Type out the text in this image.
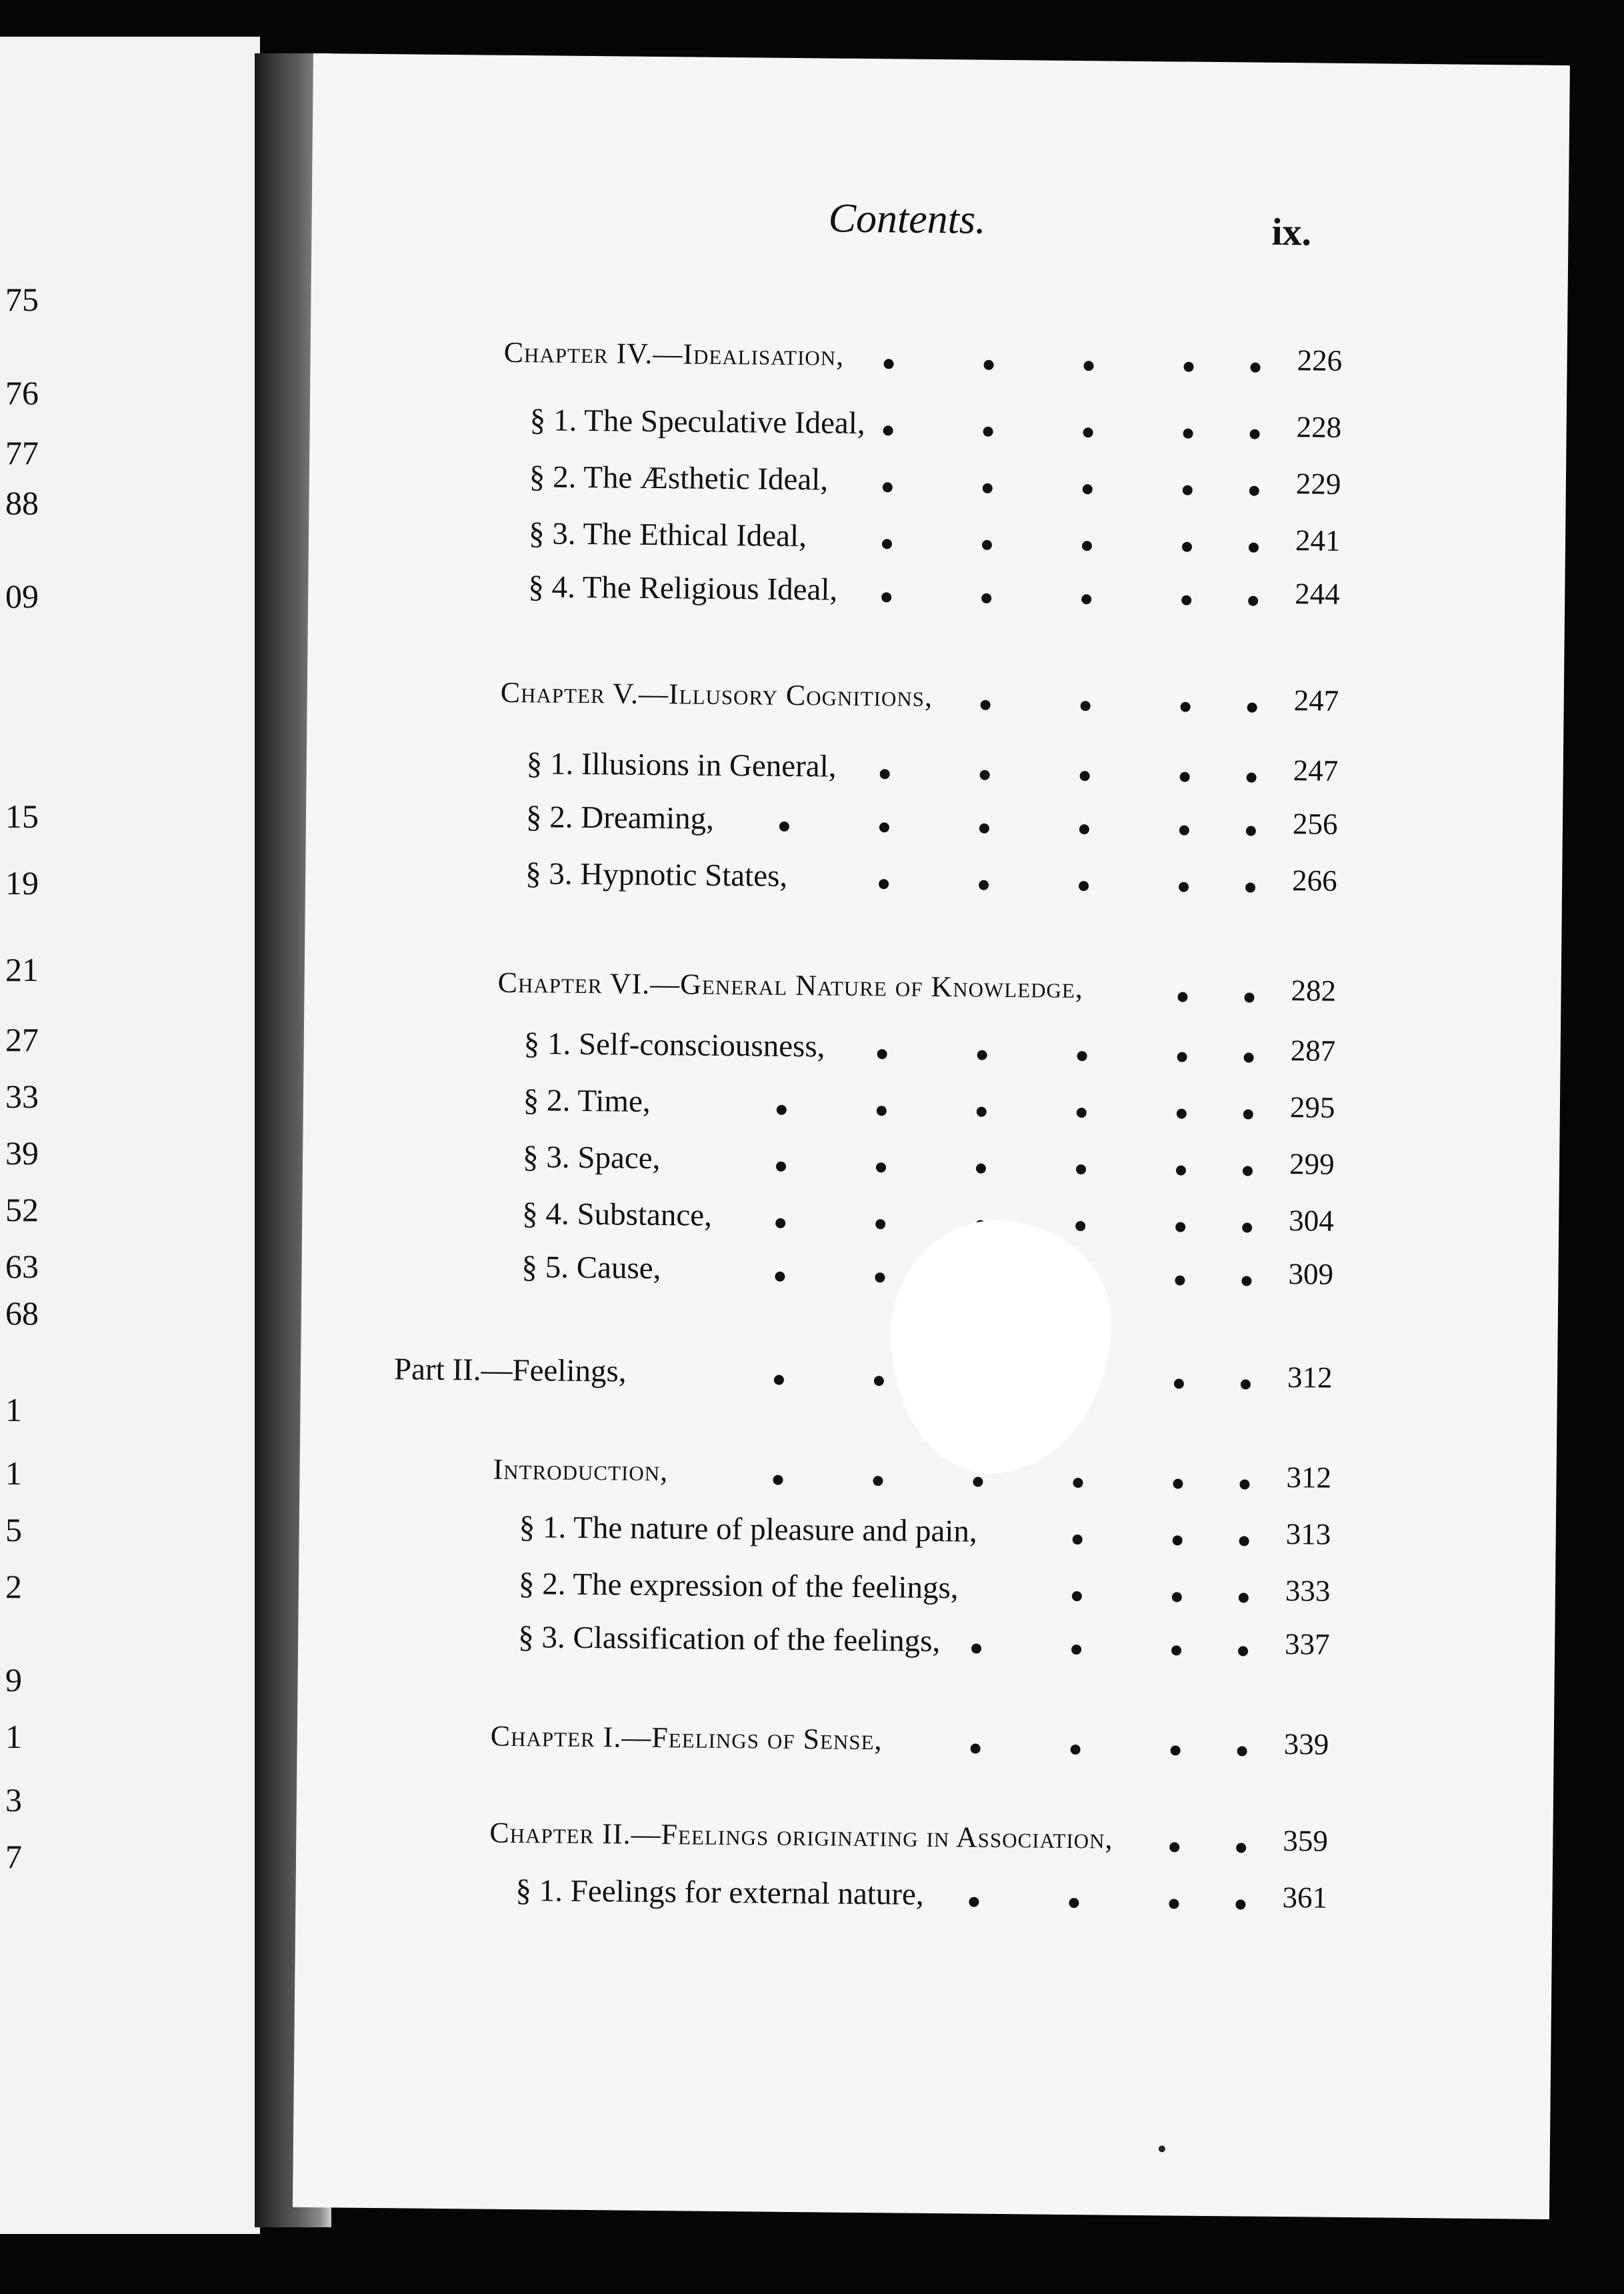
75
76
77
88
09
15
19
21
27
33
39
52
63
68
1
1
5
2
9
1
3
7
Contents.	ix.
Chapter IV.—Idealisation,	226
§ 1. The Speculative Ideal,	228
§ 2. The Æsthetic Ideal,	229
§ 3. The Ethical Ideal,	241
§ 4. The Religious Ideal,	244
Chapter V.—Illusory Cognitions,	247
§ 1. Illusions in General,	247
§ 2. Dreaming,	256
§ 3. Hypnotic States,	266
Chapter VI.—General Nature of Knowledge,	282
§ 1. Self-consciousness,	287
§ 2. Time,	295
§ 3. Space,	299
§ 4. Substance,	304
§ 5. Cause,	309
Part II.—Feelings,	312
Introduction,	312
§ 1. The nature of pleasure and pain,	313
§ 2. The expression of the feelings,	333
§ 3. Classification of the feelings,	337
Chapter I.—Feelings of Sense,	339
Chapter II.—Feelings originating in Association,	359
§ 1. Feelings for external nature,	361
